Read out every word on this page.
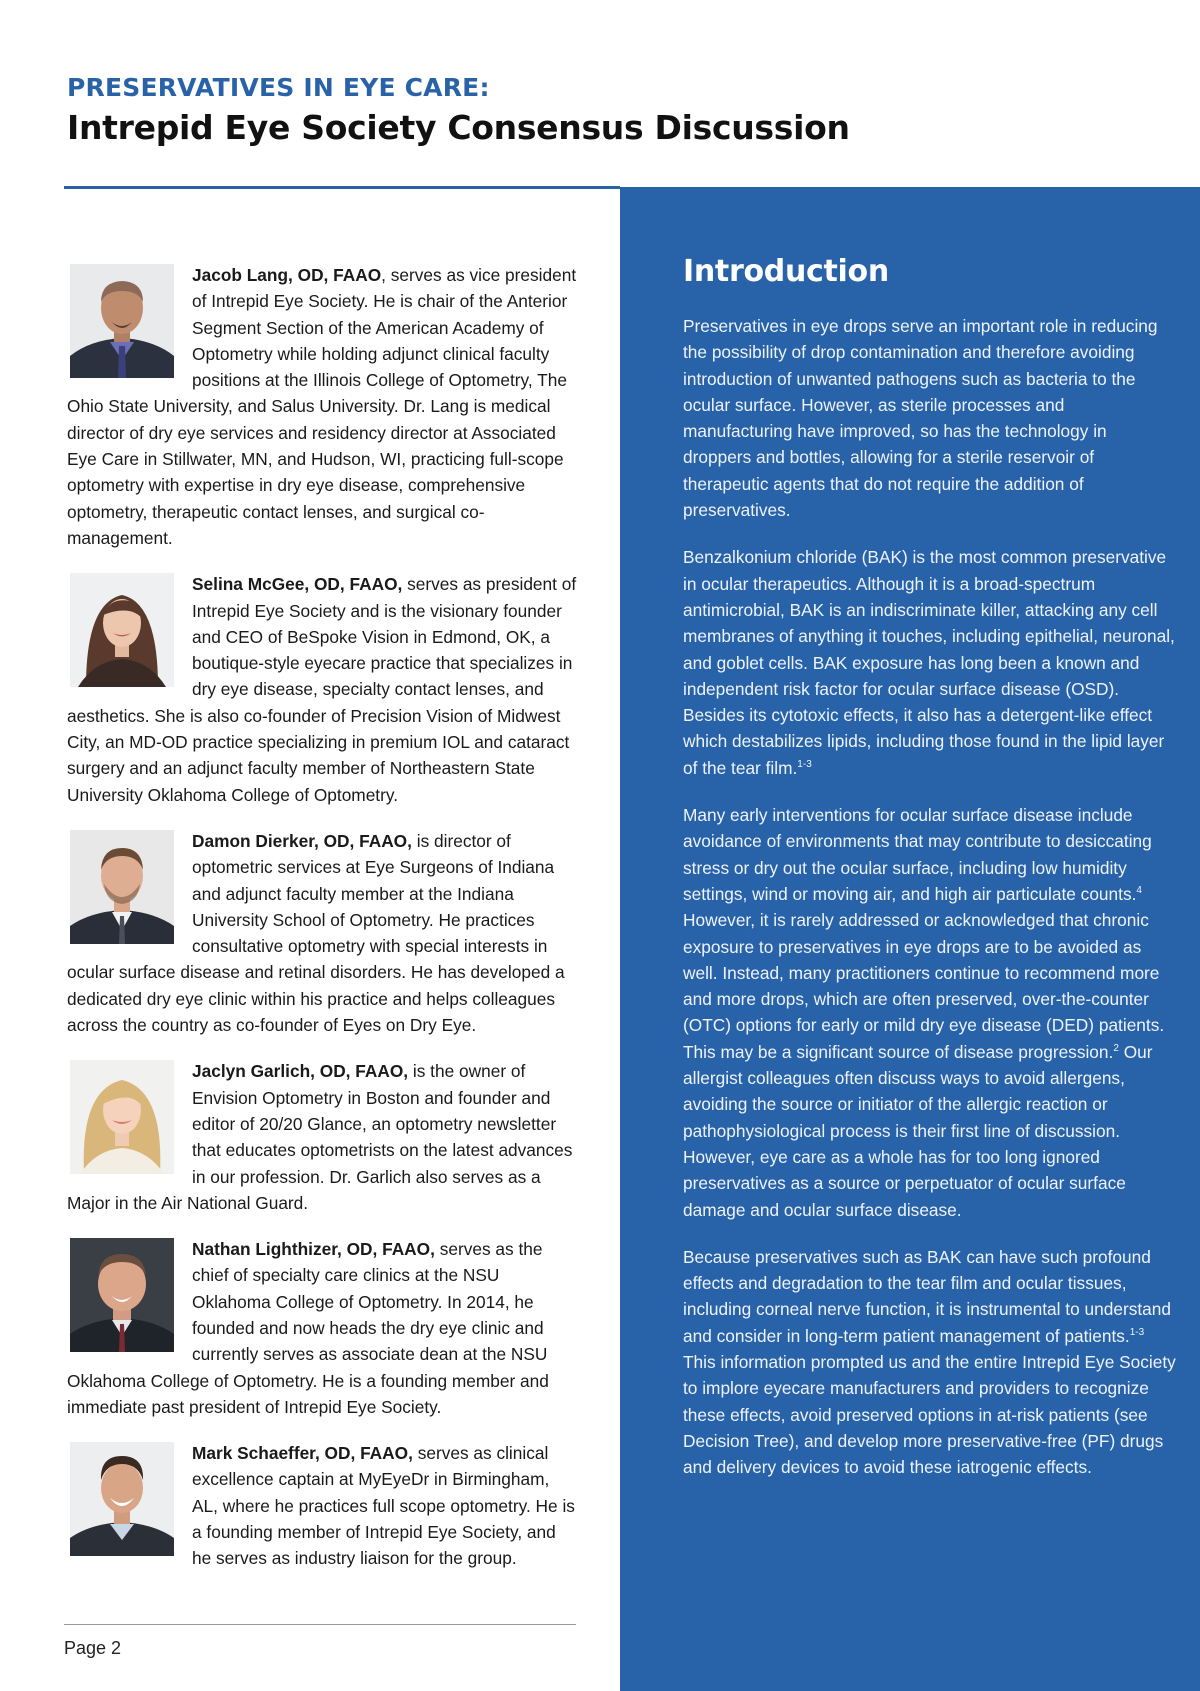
PRESERVATIVES IN EYE CARE:
Intrepid Eye Society Consensus Discussion
Jacob Lang, OD, FAAO, serves as vice president of Intrepid Eye Society. He is chair of the Anterior Segment Section of the American Academy of Optometry while holding adjunct clinical faculty positions at the Illinois College of Optometry, The Ohio State University, and Salus University. Dr. Lang is medical director of dry eye services and residency director at Associated Eye Care in Stillwater, MN, and Hudson, WI, practicing full-scope optometry with expertise in dry eye disease, comprehensive optometry, therapeutic contact lenses, and surgical co-management.
Selina McGee, OD, FAAO, serves as president of Intrepid Eye Society and is the visionary founder and CEO of BeSpoke Vision in Edmond, OK, a boutique-style eyecare practice that specializes in dry eye disease, specialty contact lenses, and aesthetics. She is also co-founder of Precision Vision of Midwest City, an MD-OD practice specializing in premium IOL and cataract surgery and an adjunct faculty member of Northeastern State University Oklahoma College of Optometry.
Damon Dierker, OD, FAAO, is director of optometric services at Eye Surgeons of Indiana and adjunct faculty member at the Indiana University School of Optometry. He practices consultative optometry with special interests in ocular surface disease and retinal disorders. He has developed a dedicated dry eye clinic within his practice and helps colleagues across the country as co-founder of Eyes on Dry Eye.
Jaclyn Garlich, OD, FAAO, is the owner of Envision Optometry in Boston and founder and editor of 20/20 Glance, an optometry newsletter that educates optometrists on the latest advances in our profession. Dr. Garlich also serves as a Major in the Air National Guard.
Nathan Lighthizer, OD, FAAO, serves as the chief of specialty care clinics at the NSU Oklahoma College of Optometry. In 2014, he founded and now heads the dry eye clinic and currently serves as associate dean at the NSU Oklahoma College of Optometry. He is a founding member and immediate past president of Intrepid Eye Society.
Mark Schaeffer, OD, FAAO, serves as clinical excellence captain at MyEyeDr in Birmingham, AL, where he practices full scope optometry. He is a founding member of Intrepid Eye Society, and he serves as industry liaison for the group.
Introduction

Preservatives in eye drops serve an important role in reducing the possibility of drop contamination and therefore avoiding introduction of unwanted pathogens such as bacteria to the ocular surface. However, as sterile processes and manufacturing have improved, so has the technology in droppers and bottles, allowing for a sterile reservoir of therapeutic agents that do not require the addition of preservatives.

Benzalkonium chloride (BAK) is the most common preservative in ocular therapeutics. Although it is a broad-spectrum antimicrobial, BAK is an indiscriminate killer, attacking any cell membranes of anything it touches, including epithelial, neuronal, and goblet cells. BAK exposure has long been a known and independent risk factor for ocular surface disease (OSD). Besides its cytotoxic effects, it also has a detergent-like effect which destabilizes lipids, including those found in the lipid layer of the tear film.$^{1-3}$

Many early interventions for ocular surface disease include avoidance of environments that may contribute to desiccating stress or dry out the ocular surface, including low humidity settings, wind or moving air, and high air particulate counts.$^4$ However, it is rarely addressed or acknowledged that chronic exposure to preservatives in eye drops are to be avoided as well. Instead, many practitioners continue to recommend more and more drops, which are often preserved, over-the-counter (OTC) options for early or mild dry eye disease (DED) patients. This may be a significant source of disease progression.$^2$ Our allergist colleagues often discuss ways to avoid allergens, avoiding the source or initiator of the allergic reaction or pathophysiological process is their first line of discussion. However, eye care as a whole has for too long ignored preservatives as a source or perpetuator of ocular surface damage and ocular surface disease.

Because preservatives such as BAK can have such profound effects and degradation to the tear film and ocular tissues, including corneal nerve function, it is instrumental to understand and consider in long-term patient management of patients.$^{1-3}$ This information prompted us and the entire Intrepid Eye Society to implore eyecare manufacturers and providers to recognize these effects, avoid preserved options in at-risk patients (see Decision Tree), and develop more preservative-free (PF) drugs and delivery devices to avoid these iatrogenic effects.

Page 2
